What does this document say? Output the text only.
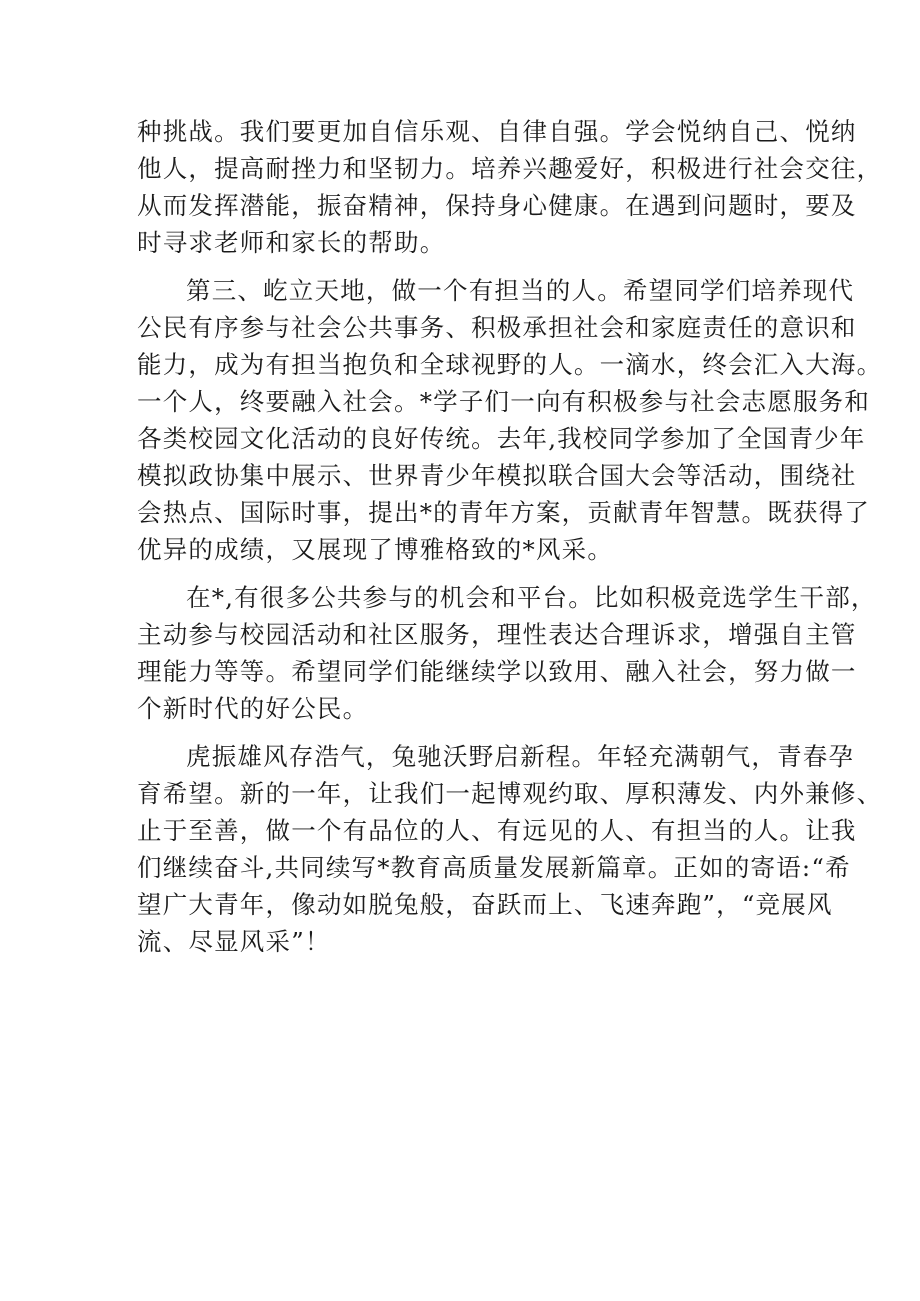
种挑战。我们要更加自信乐观、自律自强。学会悦纳自己、悦纳
他人，提高耐挫力和坚韧力。培养兴趣爱好，积极进行社会交往，
从而发挥潜能，振奋精神，保持身心健康。在遇到问题时，要及
时寻求老师和家长的帮助。
第三、屹立天地，做一个有担当的人。希望同学们培养现代
公民有序参与社会公共事务、积极承担社会和家庭责任的意识和
能力，成为有担当抱负和全球视野的人。一滴水，终会汇入大海。
一个人，终要融入社会。*学子们一向有积极参与社会志愿服务和
各类校园文化活动的良好传统。去年,我校同学参加了全国青少年
模拟政协集中展示、世界青少年模拟联合国大会等活动，围绕社
会热点、国际时事，提出*的青年方案，贡献青年智慧。既获得了
优异的成绩，又展现了博雅格致的*风采。
在*,有很多公共参与的机会和平台。比如积极竞选学生干部，
主动参与校园活动和社区服务，理性表达合理诉求，增强自主管
理能力等等。希望同学们能继续学以致用、融入社会，努力做一
个新时代的好公民。
虎振雄风存浩气，兔驰沃野启新程。年轻充满朝气，青春孕
育希望。新的一年，让我们一起博观约取、厚积薄发、内外兼修、
止于至善，做一个有品位的人、有远见的人、有担当的人。让我
们继续奋斗,共同续写*教育高质量发展新篇章。正如的寄语:“希
望广大青年，像动如脱兔般，奋跃而上、飞速奔跑”，“竞展风
流、尽显风采”！
